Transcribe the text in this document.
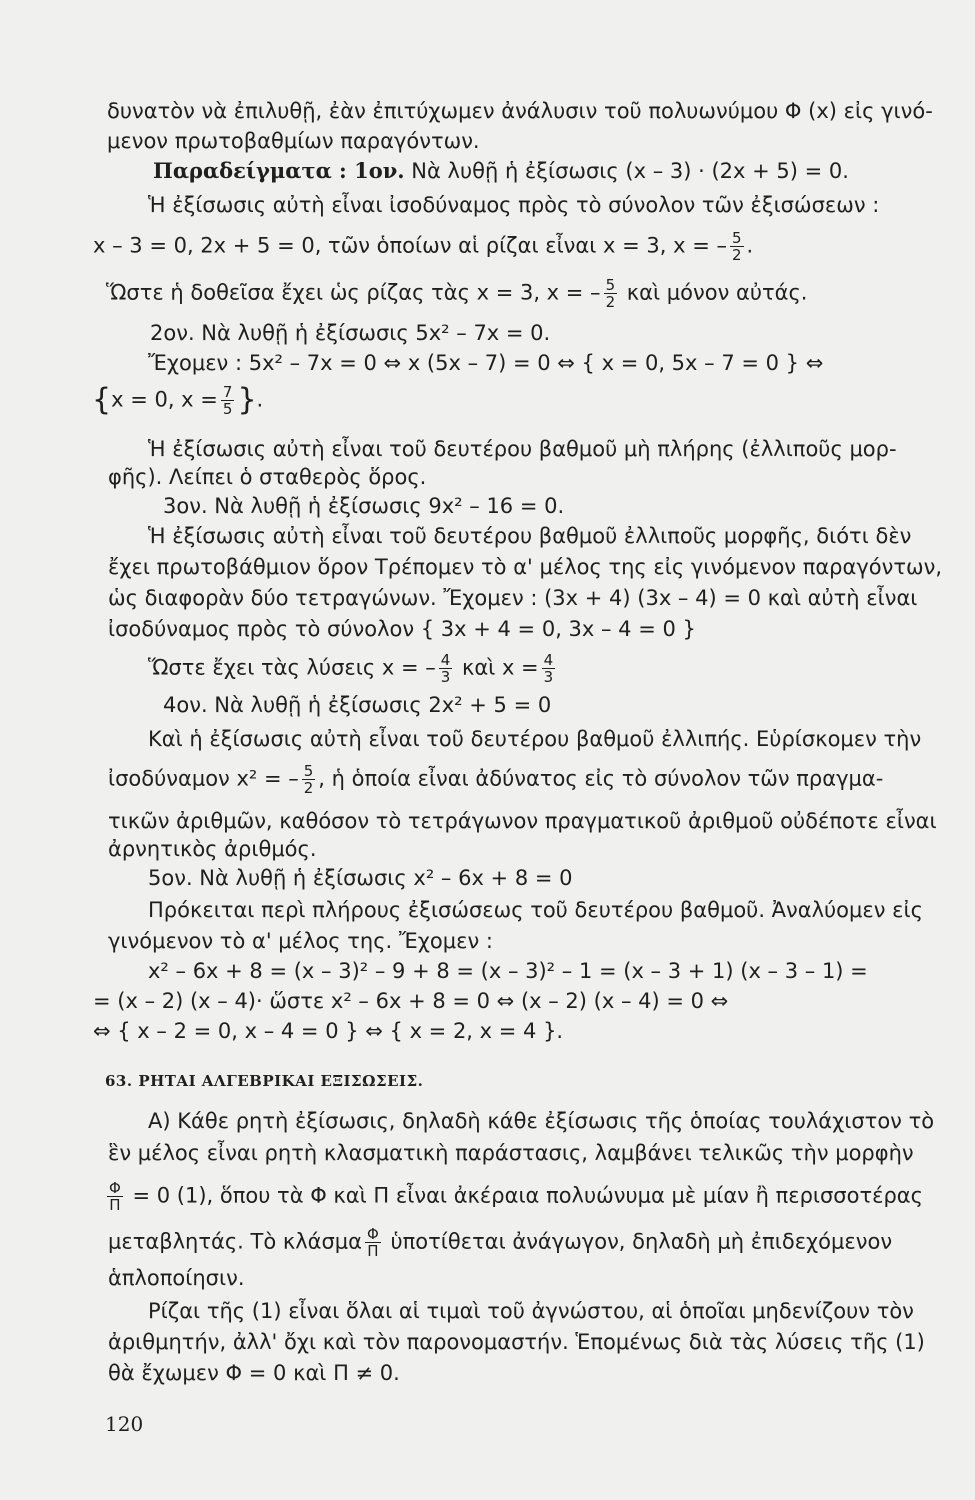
δυνατὸν νὰ ἐπιλυθῇ, ἐὰν ἐπιτύχωμεν ἀνάλυσιν τοῦ πολυωνύμου Φ (x) εἰς γινό-
μενον πρωτοβαθμίων παραγόντων.
Παραδείγματα : 1ον. Νὰ λυθῇ ἡ ἐξίσωσις (x – 3) · (2x + 5) = 0.
Ἡ ἐξίσωσις αὐτὴ εἶναι ἰσοδύναμος πρὸς τὸ σύνολον τῶν ἐξισώσεων :
x – 3 = 0, 2x + 5 = 0, τῶν ὁποίων αἱ ρίζαι εἶναι x = 3, x = – $\frac{5}{2}$ .
Ὥστε ἡ δοθεῖσα ἔχει ὡς ρίζας τὰς x = 3, x = – $\frac{5}{2}$ καὶ μόνον αὐτάς.
2ον. Νὰ λυθῇ ἡ ἐξίσωσις 5x² – 7x = 0.
Ἔχομεν : 5x² – 7x = 0 ⇔ x (5x – 7) = 0 ⇔ { x = 0, 5x – 7 = 0 } ⇔
{x = 0, $x = \frac{7}{5}$ }.
Ἡ ἐξίσωσις αὐτὴ εἶναι τοῦ δευτέρου βαθμοῦ μὴ πλήρης (ἐλλιποῦς μορ-
φῆς). Λείπει ὁ σταθερὸς ὅρος.
3ον. Νὰ λυθῇ ἡ ἐξίσωσις 9x² – 16 = 0.
Ἡ ἐξίσωσις αὐτὴ εἶναι τοῦ δευτέρου βαθμοῦ ἐλλιποῦς μορφῆς, διότι δὲν
ἔχει πρωτοβάθμιον ὅρον Τρέπομεν τὸ α' μέλος της εἰς γινόμενον παραγόντων,
ὡς διαφορὰν δύο τετραγώνων. Ἔχομεν : (3x + 4) (3x – 4) = 0 καὶ αὐτὴ εἶναι
ἰσοδύναμος πρὸς τὸ σύνολον { 3x + 4 = 0, 3x – 4 = 0 }
Ὥστε ἔχει τὰς λύσεις x = – $\frac{4}{3}$ καὶ $x = \frac{4}{3}$
4ον. Νὰ λυθῇ ἡ ἐξίσωσις 2x² + 5 = 0
Καὶ ἡ ἐξίσωσις αὐτὴ εἶναι τοῦ δευτέρου βαθμοῦ ἐλλιπής. Εὑρίσκομεν τὴν
ἰσοδύναμον x² = – $\frac{5}{2}$ , ἡ ὁποία εἶναι ἀδύνατος εἰς τὸ σύνολον τῶν πραγμα-
τικῶν ἀριθμῶν, καθόσον τὸ τετράγωνον πραγματικοῦ ἀριθμοῦ οὐδέποτε εἶναι
ἀρνητικὸς ἀριθμός.
5ον. Νὰ λυθῇ ἡ ἐξίσωσις x² – 6x + 8 = 0
Πρόκειται περὶ πλήρους ἐξισώσεως τοῦ δευτέρου βαθμοῦ. Ἀναλύομεν εἰς
γινόμενον τὸ α' μέλος της. Ἔχομεν :
x² – 6x + 8 = (x – 3)² – 9 + 8 = (x – 3)² – 1 = (x – 3 + 1) (x – 3 – 1) =
= (x – 2) (x – 4)· ὥστε x² – 6x + 8 = 0 ⇔ (x – 2) (x – 4) = 0 ⇔
⇔ { x – 2 = 0, x – 4 = 0 } ⇔ { x = 2, x = 4 }.
63. ΡΗΤΑΙ ΑΛΓΕΒΡΙΚΑΙ ΕΞΙΣΩΣΕΙΣ.
Α) Κάθε ρητὴ ἐξίσωσις, δηλαδὴ κάθε ἐξίσωσις τῆς ὁποίας τουλάχιστον τὸ
ἓν μέλος εἶναι ρητὴ κλασματικὴ παράστασις, λαμβάνει τελικῶς τὴν μορφὴν
$\frac{\Phi}{\Pi} = 0$ (1), ὅπου τὰ Φ καὶ Π εἶναι ἀκέραια πολυώνυμα μὲ μίαν ἢ περισσοτέρας
μεταβλητάς. Τὸ κλάσμα $\frac{\Phi}{\Pi}$ ὑποτίθεται ἀνάγωγον, δηλαδὴ μὴ ἐπιδεχόμενον
ἁπλοποίησιν.
Ρίζαι τῆς (1) εἶναι ὅλαι αἱ τιμαὶ τοῦ ἀγνώστου, αἱ ὁποῖαι μηδενίζουν τὸν
ἀριθμητήν, ἀλλ' ὄχι καὶ τὸν παρονομαστήν. Ἑπομένως διὰ τὰς λύσεις τῆς (1)
θὰ ἔχωμεν Φ = 0 καὶ Π ≠ 0.
120
